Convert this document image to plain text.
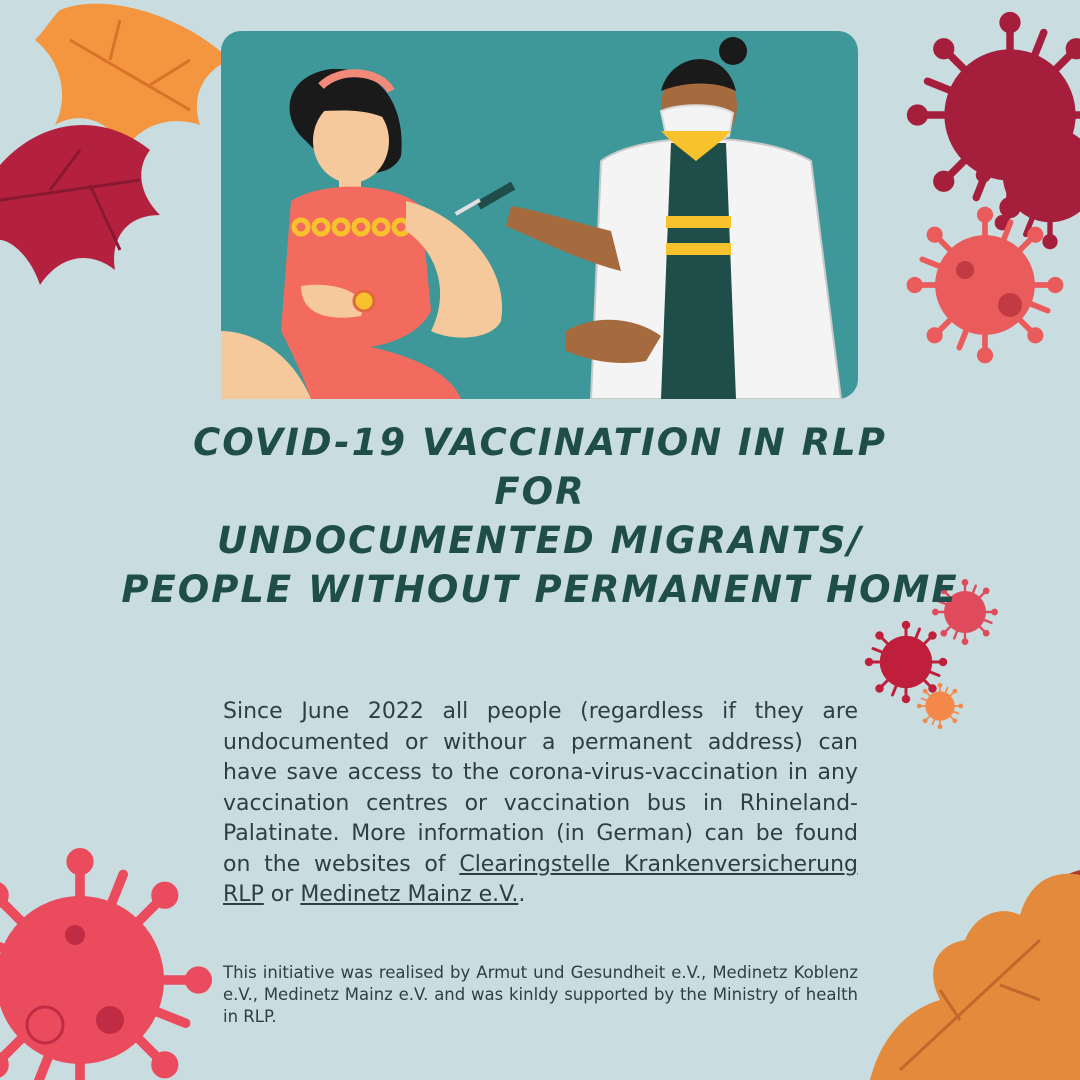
COVID-19 VACCINATION IN RLP
FOR
UNDOCUMENTED MIGRANTS/
PEOPLE WITHOUT PERMANENT HOME
Since June 2022 all people (regardless if they are undocumented or withour a permanent address) can have save access to the corona-virus-vaccination in any vaccination centres or vaccination bus in Rhineland-Palatinate. More information (in German) can be found on the websites of Clearingstelle Krankenversicherung RLP or Medinetz Mainz e.V..
This initiative was realised by Armut und Gesundheit e.V., Medinetz Koblenz e.V., Medinetz Mainz e.V. and was kinldy supported by the Ministry of health in RLP.
